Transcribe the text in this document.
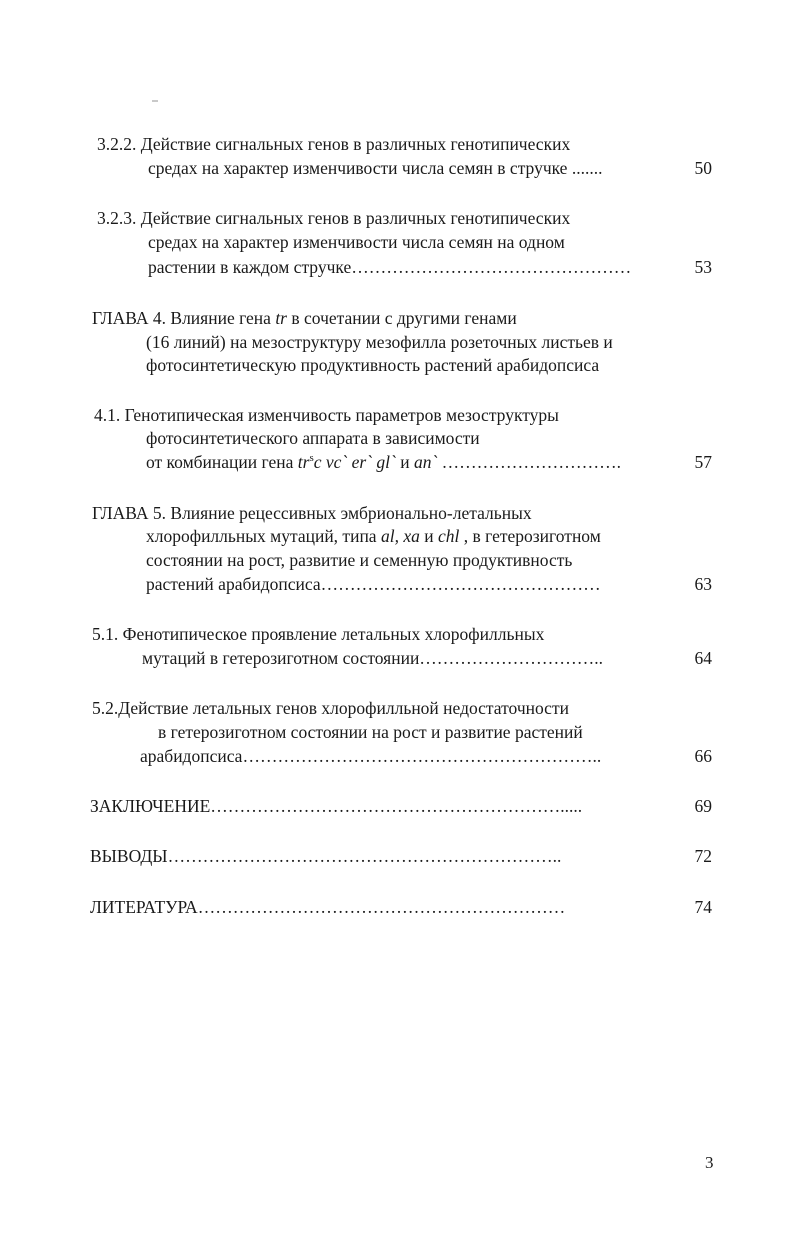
3.2.2. Действие сигнальных генов в различных генотипических
средах на характер изменчивости числа семян в стручке .......	50
3.2.3. Действие сигнальных генов в различных генотипических
средах на характер изменчивости числа семян на одном
растении в каждом стручке…………………………………………	53
ГЛАВА 4. Влияние гена tr в сочетании с другими генами
(16 линий) на мезоструктуру мезофилла розеточных листьев и
фотосинтетическую продуктивность растений арабидопсиса
4.1. Генотипическая изменчивость параметров мезоструктуры
фотосинтетического аппарата в зависимости
от комбинации гена $tr^sc$ vc` er` gl` и an` ………………………….	57
ГЛАВА 5. Влияние рецессивных эмбрионально-летальных
хлорофилльных мутаций, типа al, xa и chl , в гетерозиготном
состоянии на рост, развитие и семенную продуктивность
растений арабидопсиса…………………………………………	63
5.1. Фенотипическое проявление летальных хлорофилльных
мутаций в гетерозиготном состоянии…………………………..	64
5.2.Действие летальных генов хлорофилльной недостаточности
в гетерозиготном состоянии на рост и развитие растений
арабидопсиса……………………………………………………..	66
ЗАКЛЮЧЕНИЕ…………………………………………………….....	69
ВЫВОДЫ…………………………………………………………..	72
ЛИТЕРАТУРА………………………………………………………	74
3
